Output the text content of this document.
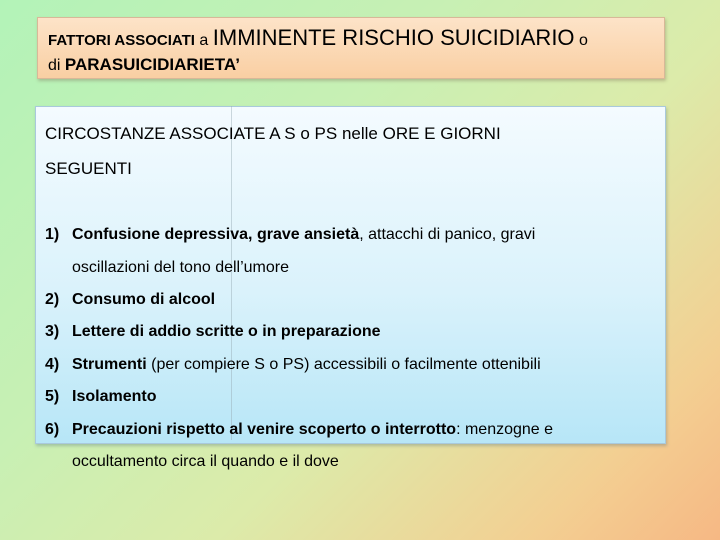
FATTORI ASSOCIATI a IMMINENTE RISCHIO SUICIDIARIO o
di PARASUICIDIARIETA’
CIRCOSTANZE ASSOCIATE A S o PS nelle ORE E GIORNI
SEGUENTI
1) Confusione depressiva, grave ansietà, attacchi di panico, gravi
oscillazioni del tono dell’umore
2) Consumo di alcool
3) Lettere di addio scritte o in preparazione
4) Strumenti (per compiere S o PS) accessibili o facilmente ottenibili
5) Isolamento
6) Precauzioni rispetto al venire scoperto o interrotto: menzogne e
occultamento circa il quando e il dove
